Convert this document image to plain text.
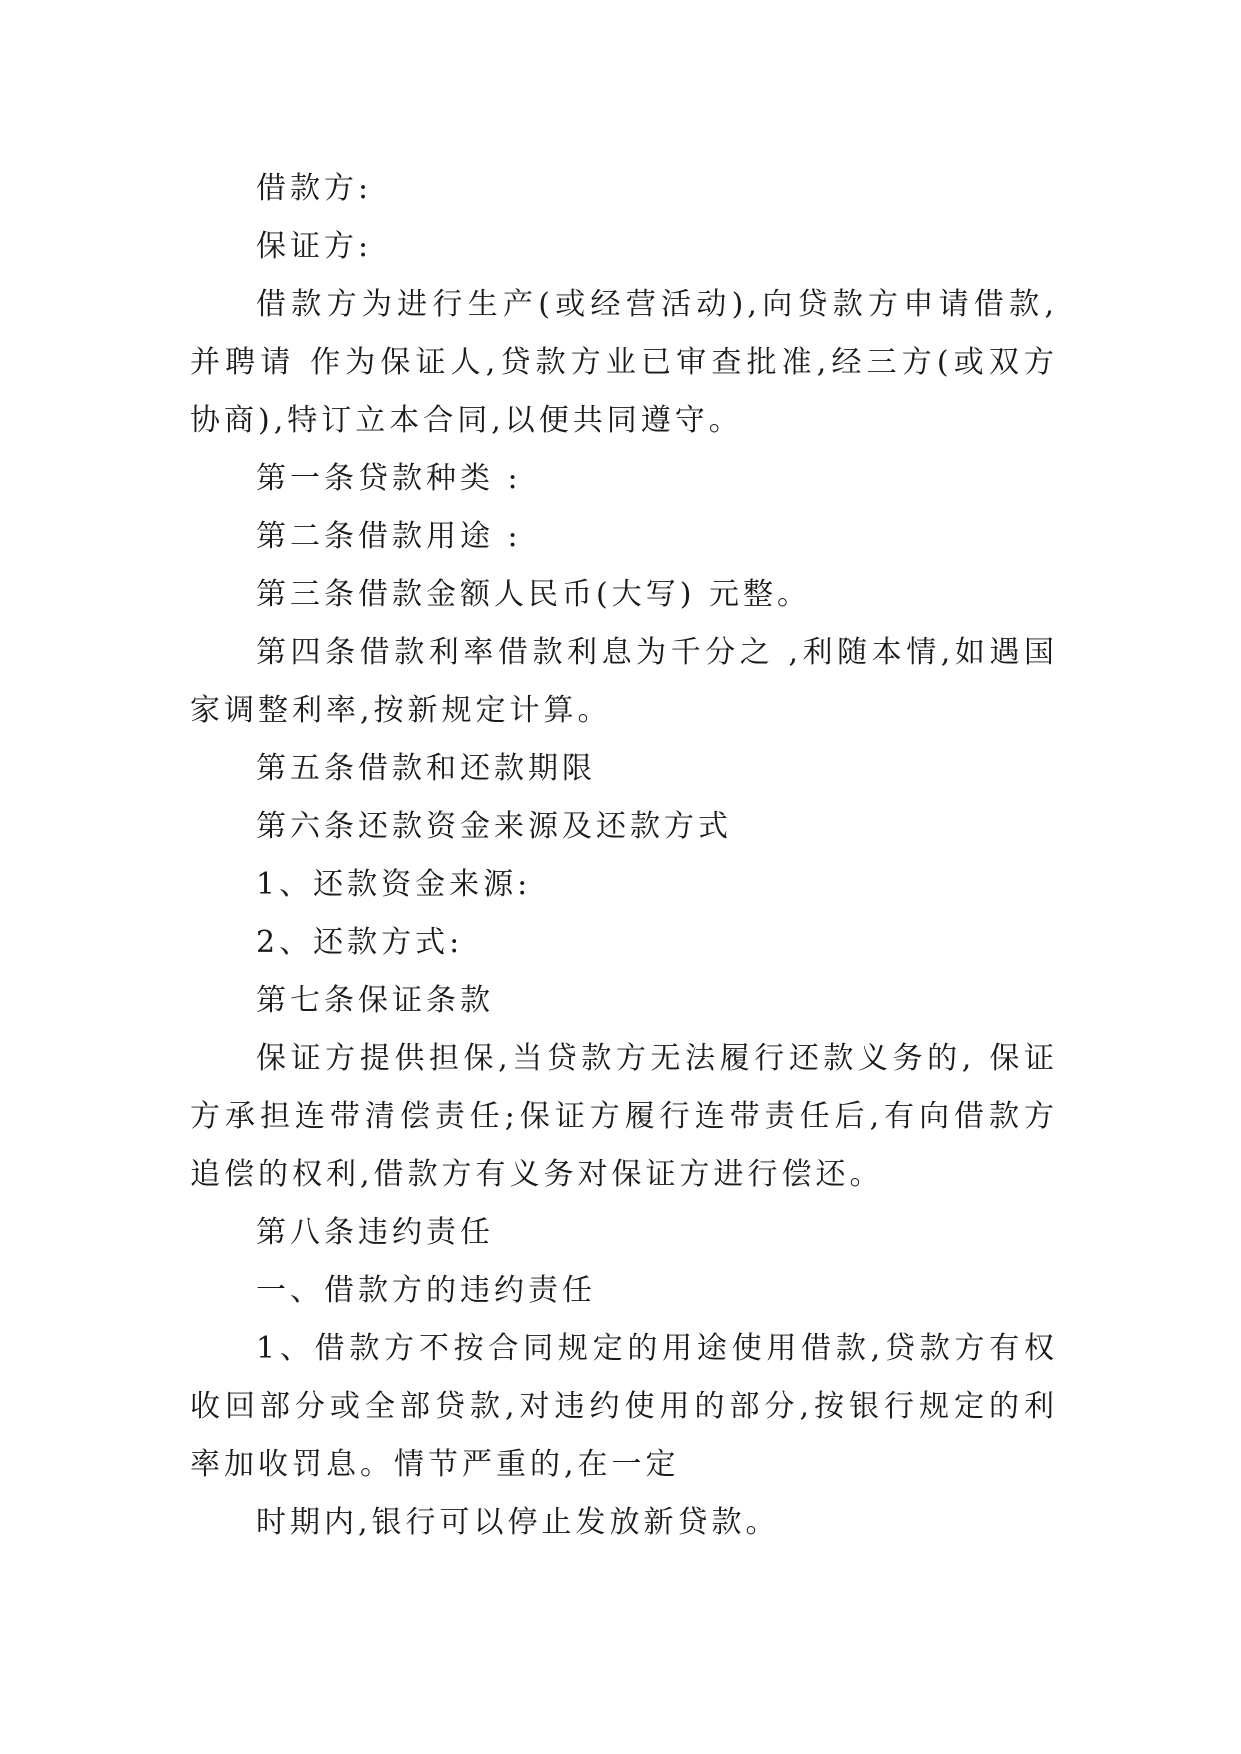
借款方:

保证方:

借款方为进行生产(或经营活动),向贷款方申请借款,并聘请 作为保证人,贷款方业已审查批准,经三方(或双方协商),特订立本合同,以便共同遵守。

第一条贷款种类 :

第二条借款用途 :

第三条借款金额人民币(大写) 元整。

第四条借款利率借款利息为千分之 ,利随本情,如遇国家调整利率,按新规定计算。

第五条借款和还款期限

第六条还款资金来源及还款方式

1、还款资金来源:

2、还款方式:

第七条保证条款

保证方提供担保,当贷款方无法履行还款义务的, 保证方承担连带清偿责任;保证方履行连带责任后,有向借款方追偿的权利,借款方有义务对保证方进行偿还。

第八条违约责任

一、借款方的违约责任

1、借款方不按合同规定的用途使用借款,贷款方有权收回部分或全部贷款,对违约使用的部分,按银行规定的利率加收罚息。情节严重的,在一定

时期内,银行可以停止发放新贷款。
